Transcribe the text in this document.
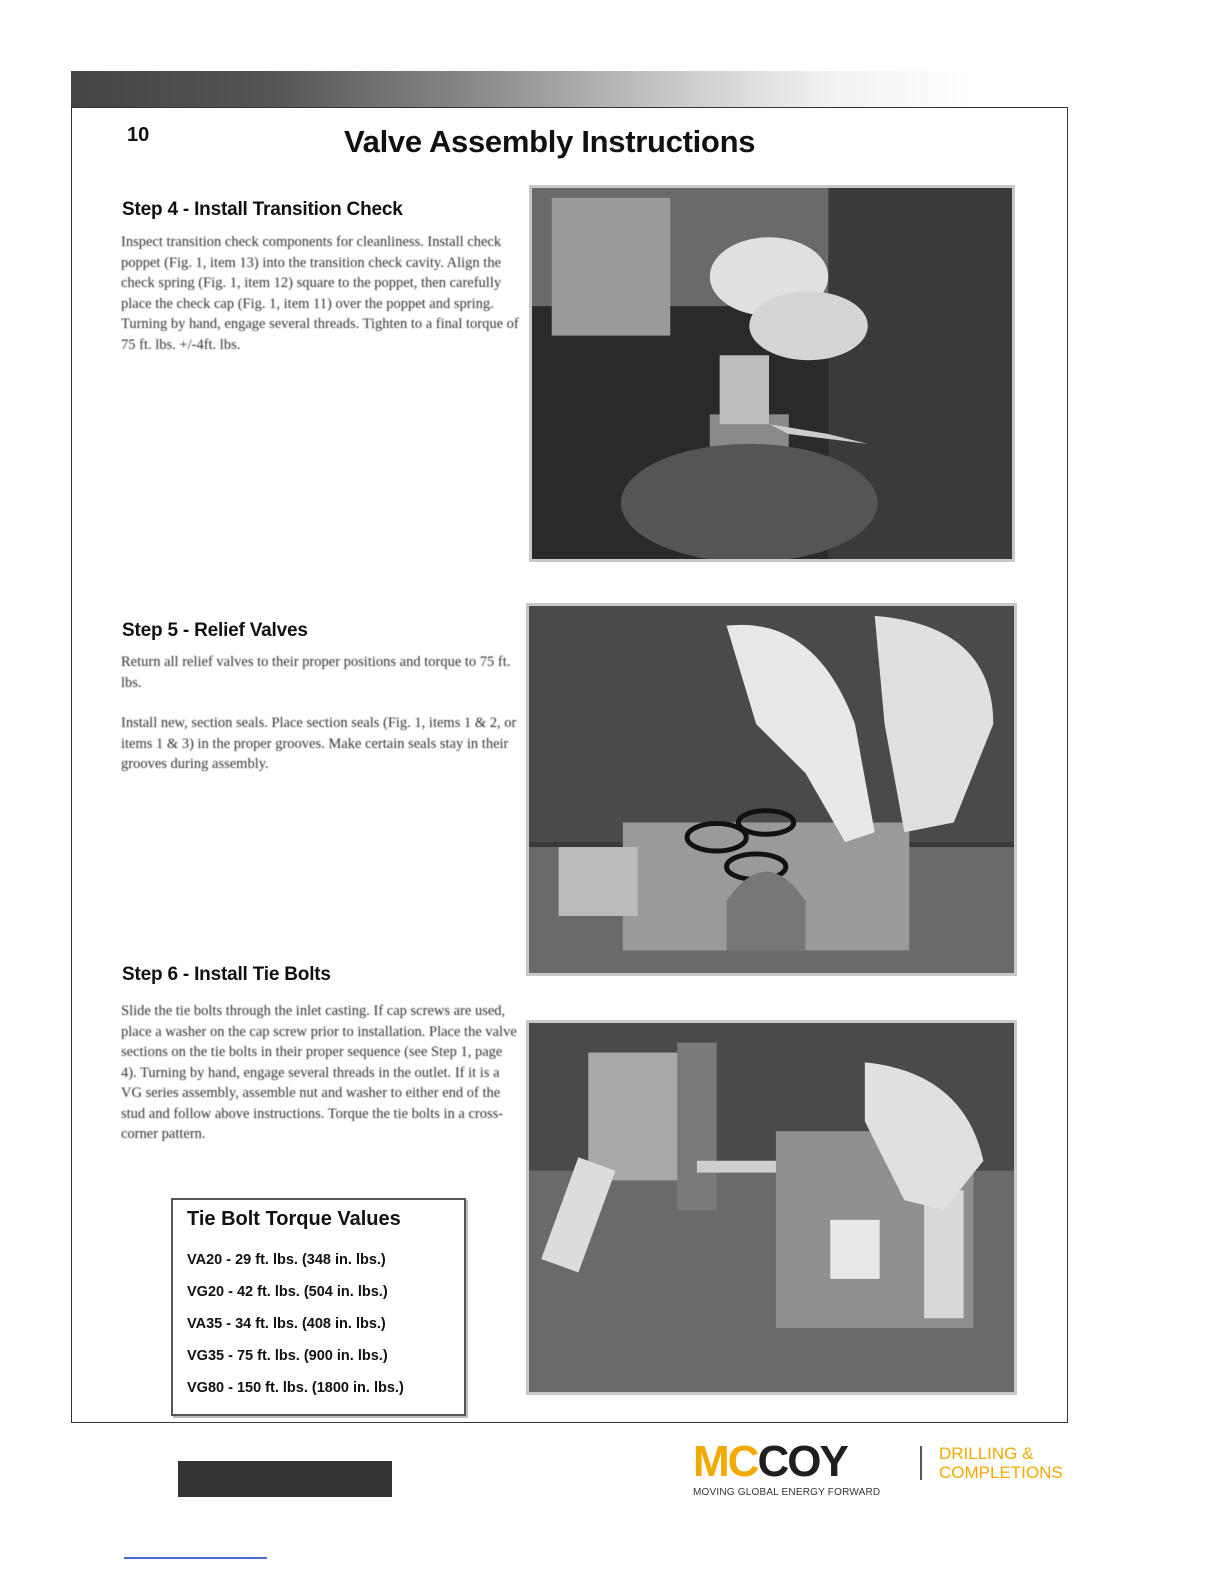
10	Valve Assembly Instructions
Step 4 - Install Transition Check

Inspect transition check components for cleanliness. Install check poppet (Fig. 1, item 13) into the transition check cavity. Align the check spring (Fig. 1, item 12) square to the poppet, then carefully place the check cap (Fig. 1, item 11) over the poppet and spring. Turning by hand, engage several threads. Tighten to a final torque of 75 ft. lbs. +/-4ft. lbs.

Step 5 - Relief Valves

Return all relief valves to their proper positions and torque to 75 ft. lbs.

Install new, section seals. Place section seals (Fig. 1, items 1 & 2, or items 1 & 3) in the proper grooves. Make certain seals stay in their grooves during assembly.

Step 6 - Install Tie Bolts

Slide the tie bolts through the inlet casting. If cap screws are used, place a washer on the cap screw prior to installation. Place the valve sections on the tie bolts in their proper sequence (see Step 1, page 4). Turning by hand, engage several threads in the outlet. If it is a VG series assembly, assemble nut and washer to either end of the stud and follow above instructions. Torque the tie bolts in a cross-corner pattern.

Tie Bolt Torque Values
VA20 - 29 ft. lbs. (348 in. lbs.)
VG20 - 42 ft. lbs. (504 in. lbs.)
VA35 - 34 ft. lbs. (408 in. lbs.)
VG35 - 75 ft. lbs. (900 in. lbs.)
VG80 - 150 ft. lbs. (1800 in. lbs.)
MCCOY
MOVING GLOBAL ENERGY FORWARD
DRILLING &
COMPLETIONS
